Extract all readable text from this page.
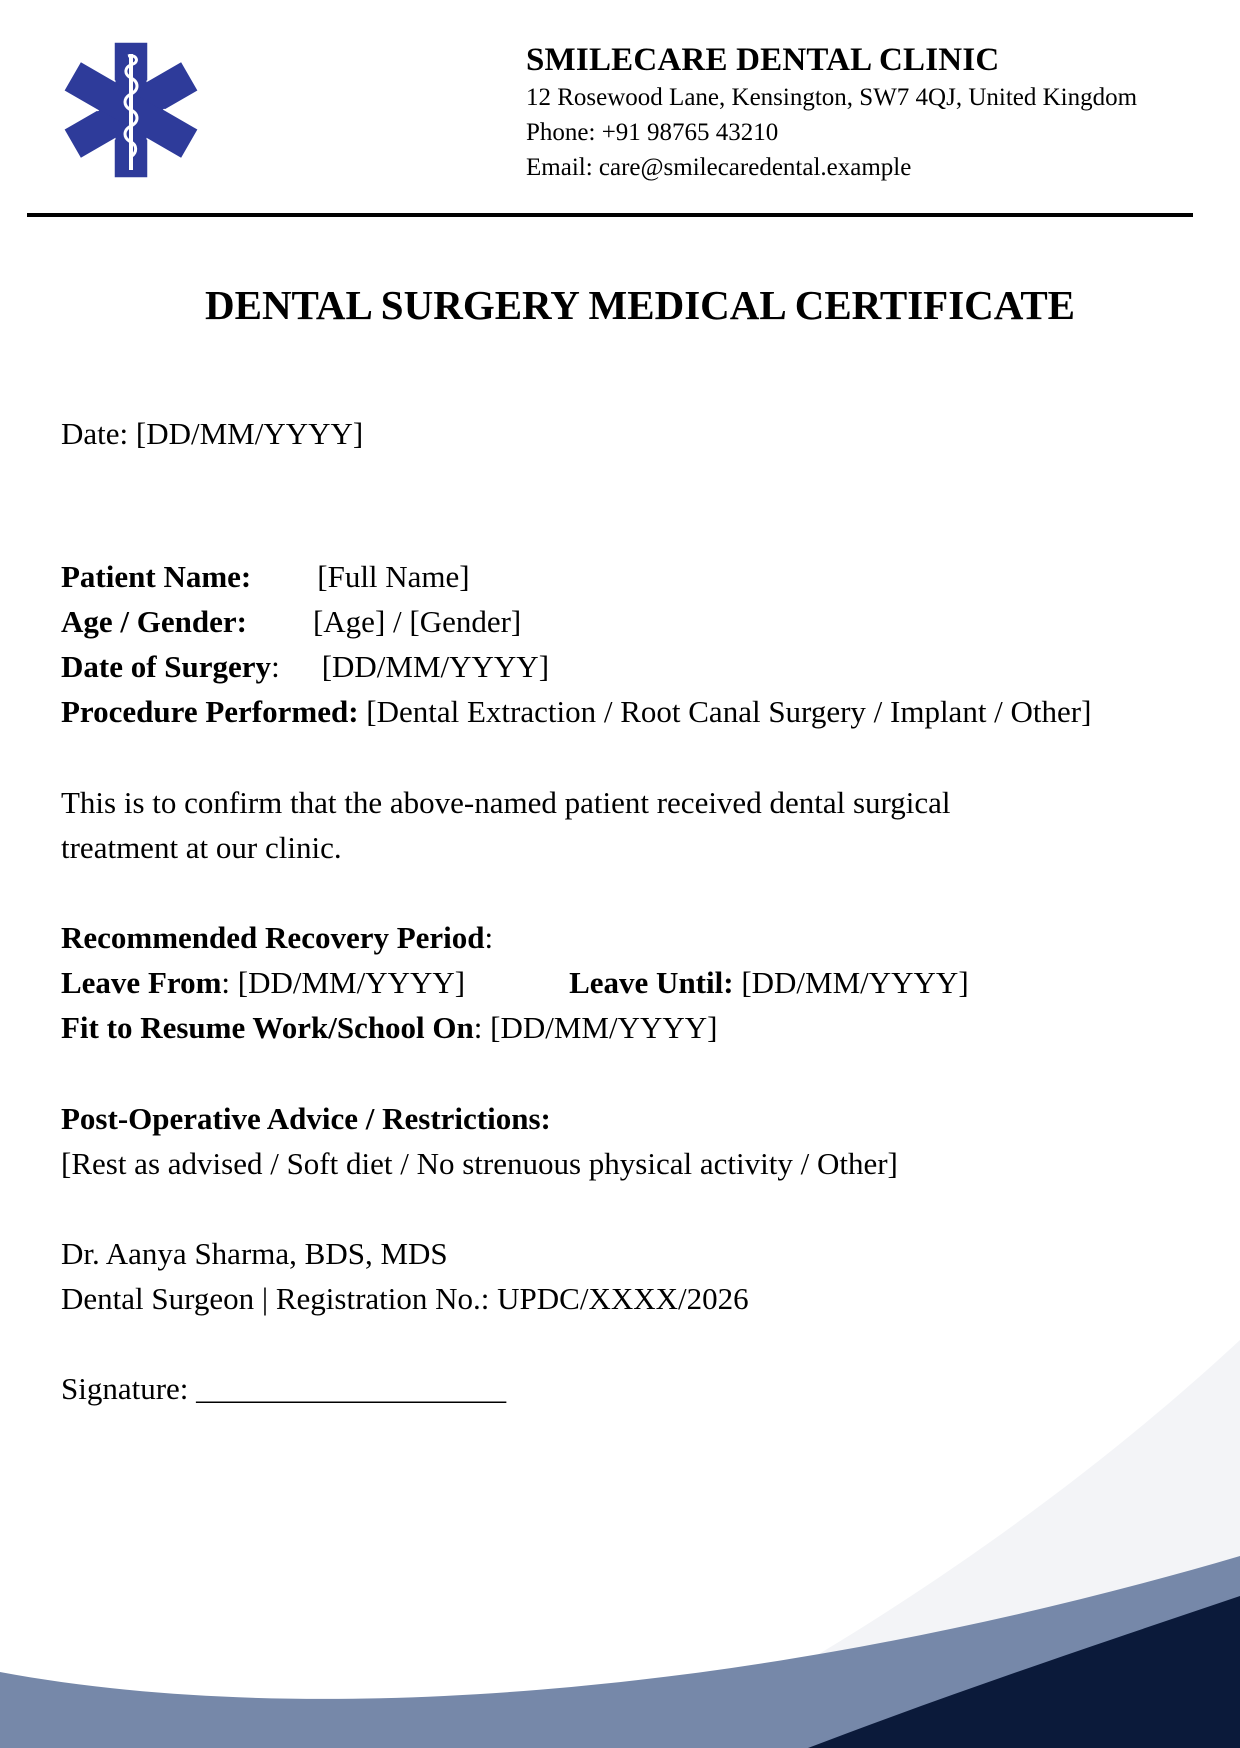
SMILECARE DENTAL CLINIC
12 Rosewood Lane, Kensington, SW7 4QJ, United Kingdom
Phone: +91 98765 43210
Email: care@smilecaredental.example
DENTAL SURGERY MEDICAL CERTIFICATE
Date: [DD/MM/YYYY]
Patient Name: [Full Name]
Age / Gender: [Age] / [Gender]
Date of Surgery: [DD/MM/YYYY]
Procedure Performed: [Dental Extraction / Root Canal Surgery / Implant / Other]
This is to confirm that the above-named patient received dental surgical treatment at our clinic.
Recommended Recovery Period:
Leave From: [DD/MM/YYYY]	Leave Until: [DD/MM/YYYY]
Fit to Resume Work/School On: [DD/MM/YYYY]
Post-Operative Advice / Restrictions:
[Rest as advised / Soft diet / No strenuous physical activity / Other]
Dr. Aanya Sharma, BDS, MDS
Dental Surgeon | Registration No.: UPDC/XXXX/2026
Signature: ____________________
